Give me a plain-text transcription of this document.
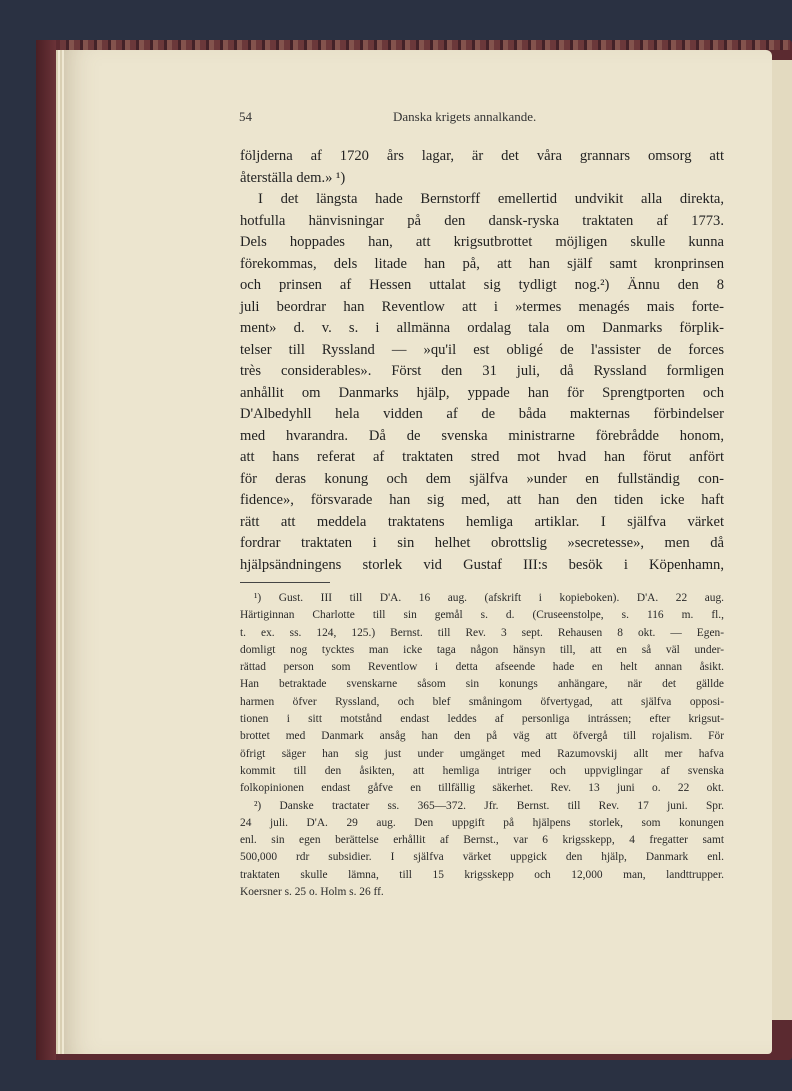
54	Danska krigets annalkande.
följderna af 1720 års lagar, är det våra grannars omsorg att
återställa dem.» ¹)
I det längsta hade Bernstorff emellertid undvikit alla direkta,
hotfulla hänvisningar på den dansk-ryska traktaten af 1773.
Dels hoppades han, att krigsutbrottet möjligen skulle kunna
förekommas, dels litade han på, att han själf samt kronprinsen
och prinsen af Hessen uttalat sig tydligt nog.²) Ännu den 8
juli beordrar han Reventlow att i »termes menagés mais forte-
ment» d. v. s. i allmänna ordalag tala om Danmarks förplik-
telser till Ryssland — »qu'il est obligé de l'assister de forces
très considerables». Först den 31 juli, då Ryssland formligen
anhållit om Danmarks hjälp, yppade han för Sprengtporten och
D'Albedyhll hela vidden af de båda makternas förbindelser
med hvarandra. Då de svenska ministrarne förebrådde honom,
att hans referat af traktaten stred mot hvad han förut anfört
för deras konung och dem själfva »under en fullständig con-
fidence», försvarade han sig med, att han den tiden icke haft
rätt att meddela traktatens hemliga artiklar. I själfva värket
fordrar traktaten i sin helhet obrottslig »secretesse», men då
hjälpsändningens storlek vid Gustaf III:s besök i Köpenhamn,
¹) Gust. III till D'A. 16 aug. (afskrift i kopieboken). D'A. 22 aug.
Härtiginnan Charlotte till sin gemål s. d. (Cruseenstolpe, s. 116 m. fl.,
t. ex. ss. 124, 125.) Bernst. till Rev. 3 sept. Rehausen 8 okt. — Egen-
domligt nog tycktes man icke taga någon hänsyn till, att en så väl under-
rättad person som Reventlow i detta afseende hade en helt annan åsikt.
Han betraktade svenskarne såsom sin konungs anhängare, när det gällde
harmen öfver Ryssland, och blef småningom öfvertygad, att själfva opposi-
tionen i sitt motstånd endast leddes af personliga intrássen; efter krigsut-
brottet med Danmark ansåg han den på väg att öfvergå till rojalism. För
öfrigt säger han sig just under umgänget med Razumovskij allt mer hafva
kommit till den åsikten, att hemliga intriger och uppviglingar af svenska
folkopinionen endast gåfve en tillfällig säkerhet. Rev. 13 juni o. 22 okt.
²) Danske tractater ss. 365—372. Jfr. Bernst. till Rev. 17 juni. Spr.
24 juli. D'A. 29 aug. Den uppgift på hjälpens storlek, som konungen
enl. sin egen berättelse erhållit af Bernst., var 6 krigsskepp, 4 fregatter samt
500,000 rdr subsidier. I själfva värket uppgick den hjälp, Danmark enl.
traktaten skulle lämna, till 15 krigsskepp och 12,000 man, landttrupper.
Koersner s. 25 o. Holm s. 26 ff.
